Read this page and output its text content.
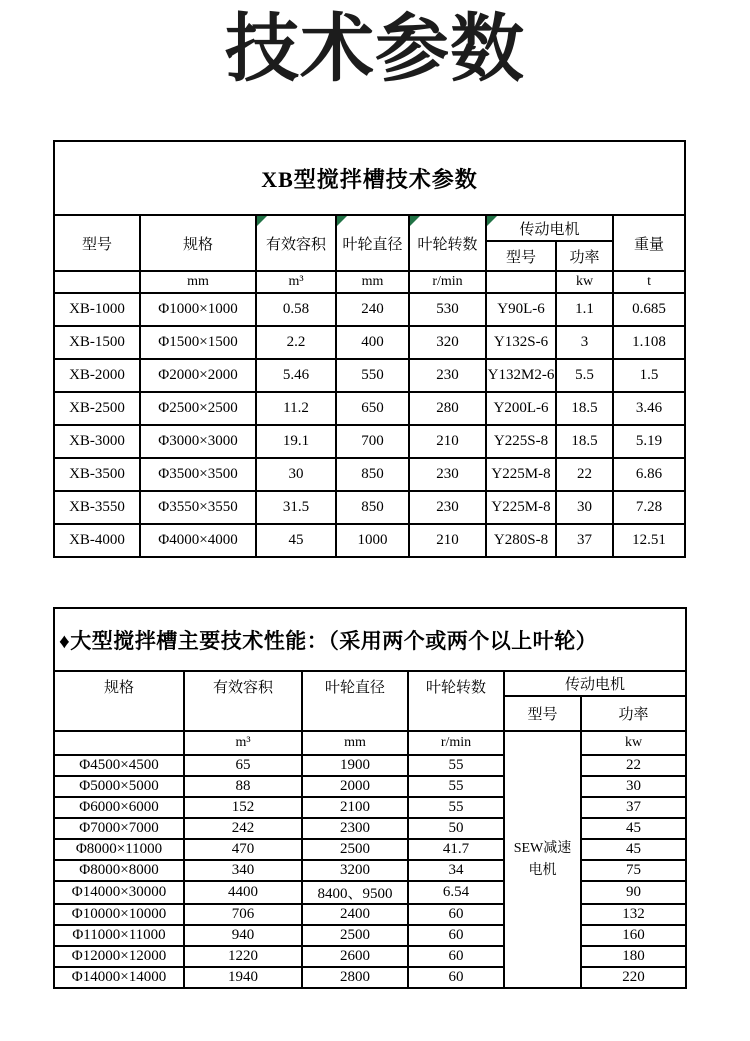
技术参数
XB型搅拌槽技术参数							
型号	规格	有效容积	叶轮直径	叶轮转数	传动电机		重量
					型号	功率	
	mm	m³	mm	r/min		kw	t
XB-1000	Φ1000×1000	0.58	240	530	Y90L-6	1.1	0.685
XB-1500	Φ1500×1500	2.2	400	320	Y132S-6	3	1.108
XB-2000	Φ2000×2000	5.46	550	230	Y132M2-6	5.5	1.5
XB-2500	Φ2500×2500	11.2	650	280	Y200L-6	18.5	3.46
XB-3000	Φ3000×3000	19.1	700	210	Y225S-8	18.5	5.19
XB-3500	Φ3500×3500	30	850	230	Y225M-8	22	6.86
XB-3550	Φ3550×3550	31.5	850	230	Y225M-8	30	7.28
XB-4000	Φ4000×4000	45	1000	210	Y280S-8	37	12.51
♦大型搅拌槽主要技术性能：（采用两个或两个以上叶轮）					
规格	有效容积	叶轮直径	叶轮转数	传动电机	
				型号	功率
	m³	mm	r/min	SEW减速电机	kw
Φ4500×4500	65	1900	55		22
Φ5000×5000	88	2000	55		30
Φ6000×6000	152	2100	55		37
Φ7000×7000	242	2300	50		45
Φ8000×11000	470	2500	41.7		45
Φ8000×8000	340	3200	34		75
Φ14000×30000	4400	8400、9500	6.54		90
Φ10000×10000	706	2400	60		132
Φ11000×11000	940	2500	60		160
Φ12000×12000	1220	2600	60		180
Φ14000×14000	1940	2800	60		220
